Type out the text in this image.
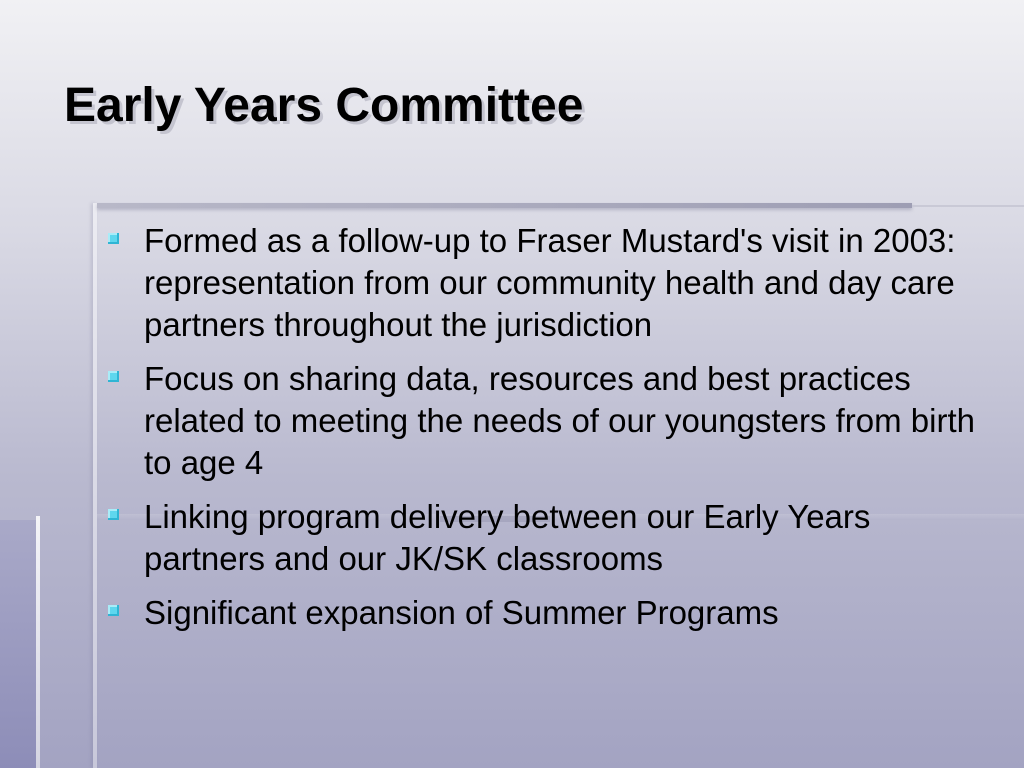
Early Years Committee
Formed as a follow-up to Fraser Mustard's visit in 2003: representation from our community health and day care partners throughout the jurisdiction
Focus on sharing data, resources and best practices related to meeting the needs of our youngsters from birth to age 4
Linking program delivery between our Early Years partners and our JK/SK classrooms
Significant expansion of Summer Programs
